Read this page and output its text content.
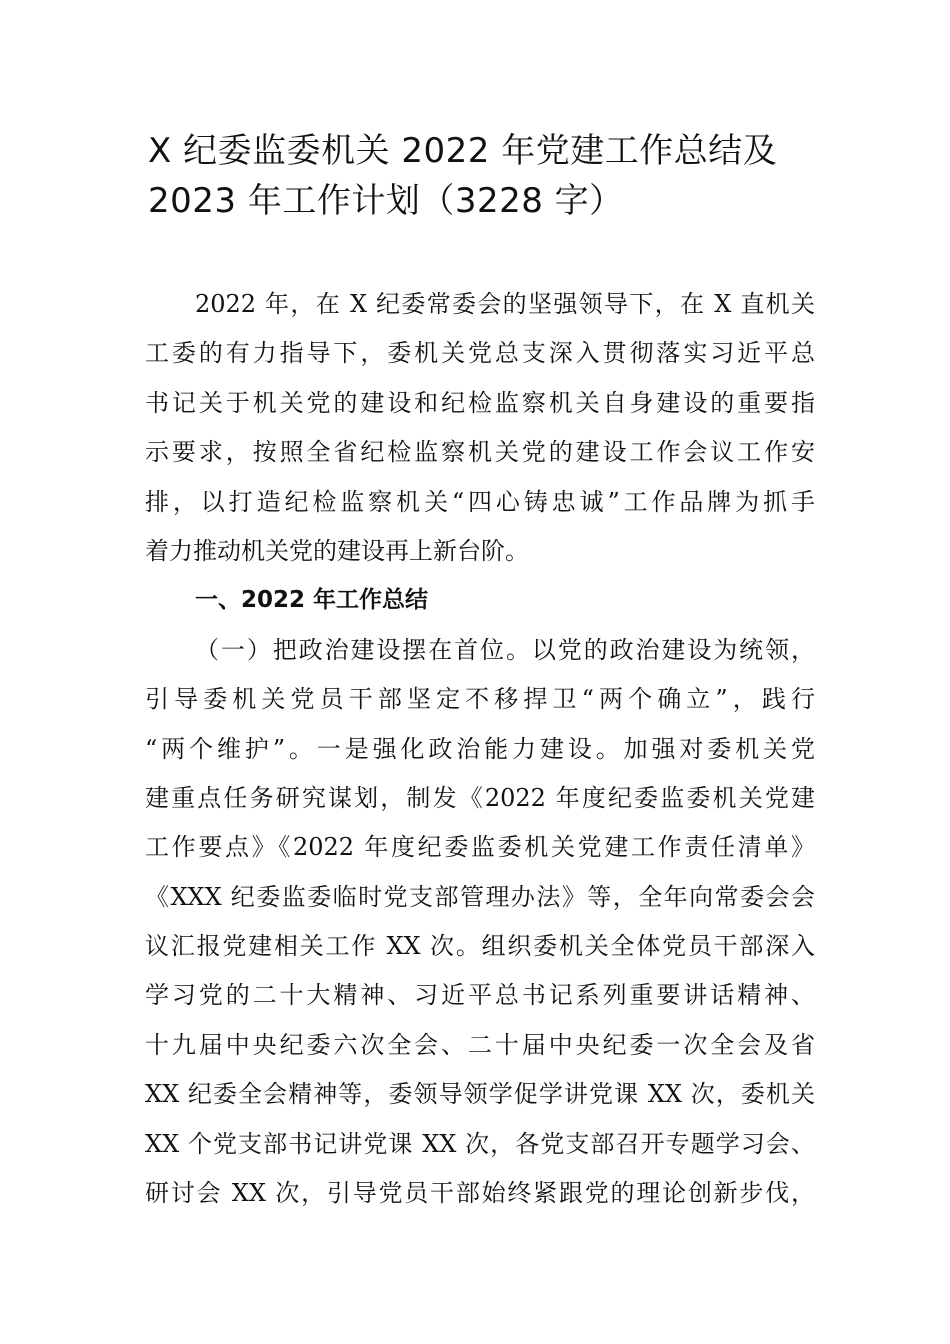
X 纪委监委机关 2022 年党建工作总结及
2023 年工作计划（3228 字）
2022 年，在 X 纪委常委会的坚强领导下，在 X 直机关
工委的有力指导下，委机关党总支深入贯彻落实习近平总
书记关于机关党的建设和纪检监察机关自身建设的重要指
示要求，按照全省纪检监察机关党的建设工作会议工作安
排，以打造纪检监察机关“四心铸忠诚”工作品牌为抓手
着力推动机关党的建设再上新台阶。
一、2022 年工作总结
（一）把政治建设摆在首位。以党的政治建设为统领，
引导委机关党员干部坚定不移捍卫“两个确立”，践行
“两个维护”。一是强化政治能力建设。加强对委机关党
建重点任务研究谋划，制发《2022 年度纪委监委机关党建
工作要点》《2022 年度纪委监委机关党建工作责任清单》
《XXX 纪委监委临时党支部管理办法》等，全年向常委会会
议汇报党建相关工作 XX 次。组织委机关全体党员干部深入
学习党的二十大精神、习近平总书记系列重要讲话精神、
十九届中央纪委六次全会、二十届中央纪委一次全会及省
XX 纪委全会精神等，委领导领学促学讲党课 XX 次，委机关
XX 个党支部书记讲党课 XX 次，各党支部召开专题学习会、
研讨会 XX 次，引导党员干部始终紧跟党的理论创新步伐，
